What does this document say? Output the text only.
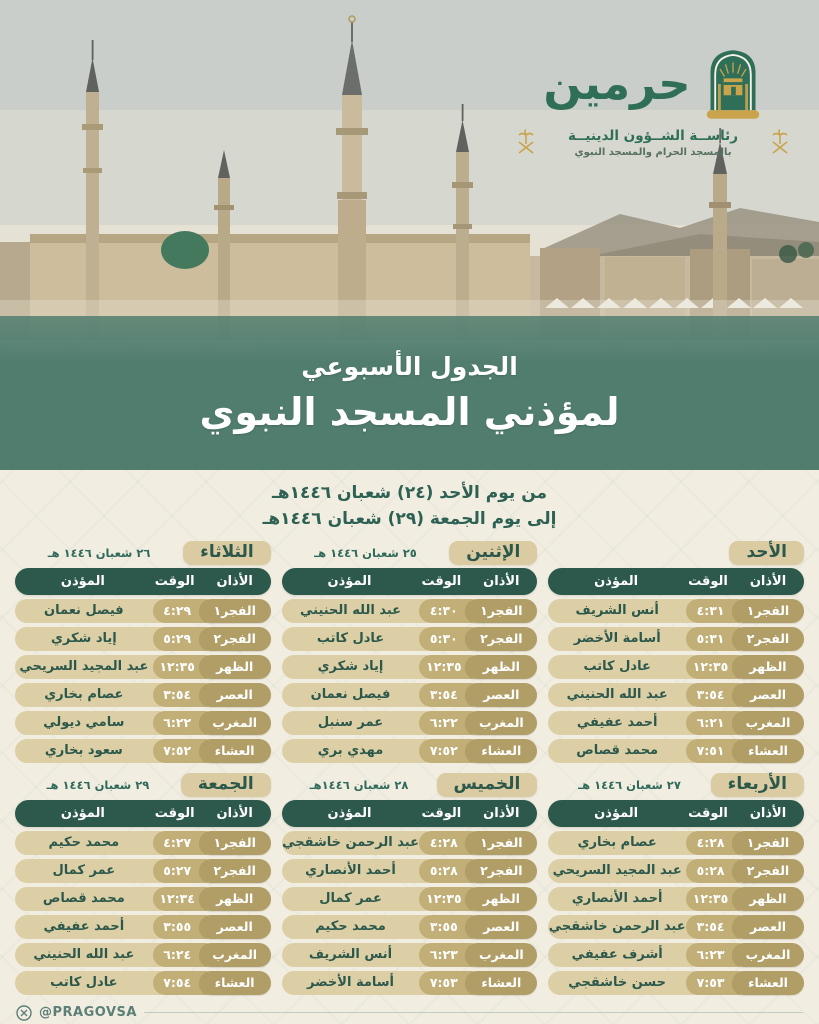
حرمين
رئاســة الشــؤون الدينيــة
بالمسجد الحرام والمسجد النبوي
الجدول الأسبوعي
لمؤذني المسجد النبوي
من يوم الأحد (٢٤) شعبان ١٤٤٦هـ
إلى يوم الجمعة (٢٩) شعبان ١٤٤٦هـ
الأحد
الأذان
الوقت
المؤذن
الفجر١
٤:٣١
أنس الشريف
الفجر٢
٥:٣١
أسامة الأخضر
الظهر
١٢:٣٥
عادل كاتب
العصر
٣:٥٤
عبد الله الحنيني
المغرب
٦:٢١
أحمد عفيفي
العشاء
٧:٥١
محمد قصاص
الإثنين
٢٥ شعبان ١٤٤٦ هـ
الأذان
الوقت
المؤذن
الفجر١
٤:٣٠
عبد الله الحنيني
الفجر٢
٥:٣٠
عادل كاتب
الظهر
١٢:٣٥
إياد شكري
العصر
٣:٥٤
فيصل نعمان
المغرب
٦:٢٢
عمر سنبل
العشاء
٧:٥٢
مهدي بري
الثلاثاء
٢٦ شعبان ١٤٤٦ هـ
الأذان
الوقت
المؤذن
الفجر١
٤:٢٩
فيصل نعمان
الفجر٢
٥:٢٩
إياد شكري
الظهر
١٢:٣٥
عبد المجيد السريحي
العصر
٣:٥٤
عصام بخاري
المغرب
٦:٢٢
سامي ديولي
العشاء
٧:٥٢
سعود بخاري
الأربعاء
٢٧ شعبان ١٤٤٦ هـ
الأذان
الوقت
المؤذن
الفجر١
٤:٢٨
عصام بخاري
الفجر٢
٥:٢٨
عبد المجيد السريحي
الظهر
١٢:٣٥
أحمد الأنصاري
العصر
٣:٥٤
عبد الرحمن خاشقجي
المغرب
٦:٢٣
أشرف عفيفي
العشاء
٧:٥٣
حسن خاشقجي
الخميس
٢٨ شعبان ١٤٤٦هـ
الأذان
الوقت
المؤذن
الفجر١
٤:٢٨
عبد الرحمن خاشقجي
الفجر٢
٥:٢٨
أحمد الأنصاري
الظهر
١٢:٣٥
عمر كمال
العصر
٣:٥٥
محمد حكيم
المغرب
٦:٢٣
أنس الشريف
العشاء
٧:٥٣
أسامة الأخضر
الجمعة
٢٩ شعبان ١٤٤٦ هـ
الأذان
الوقت
المؤذن
الفجر١
٤:٢٧
محمد حكيم
الفجر٢
٥:٢٧
عمر كمال
الظهر
١٢:٣٤
محمد قصاص
العصر
٣:٥٥
أحمد عفيفي
المغرب
٦:٢٤
عبد الله الحنيني
العشاء
٧:٥٤
عادل كاتب
@PRAGOVSA
